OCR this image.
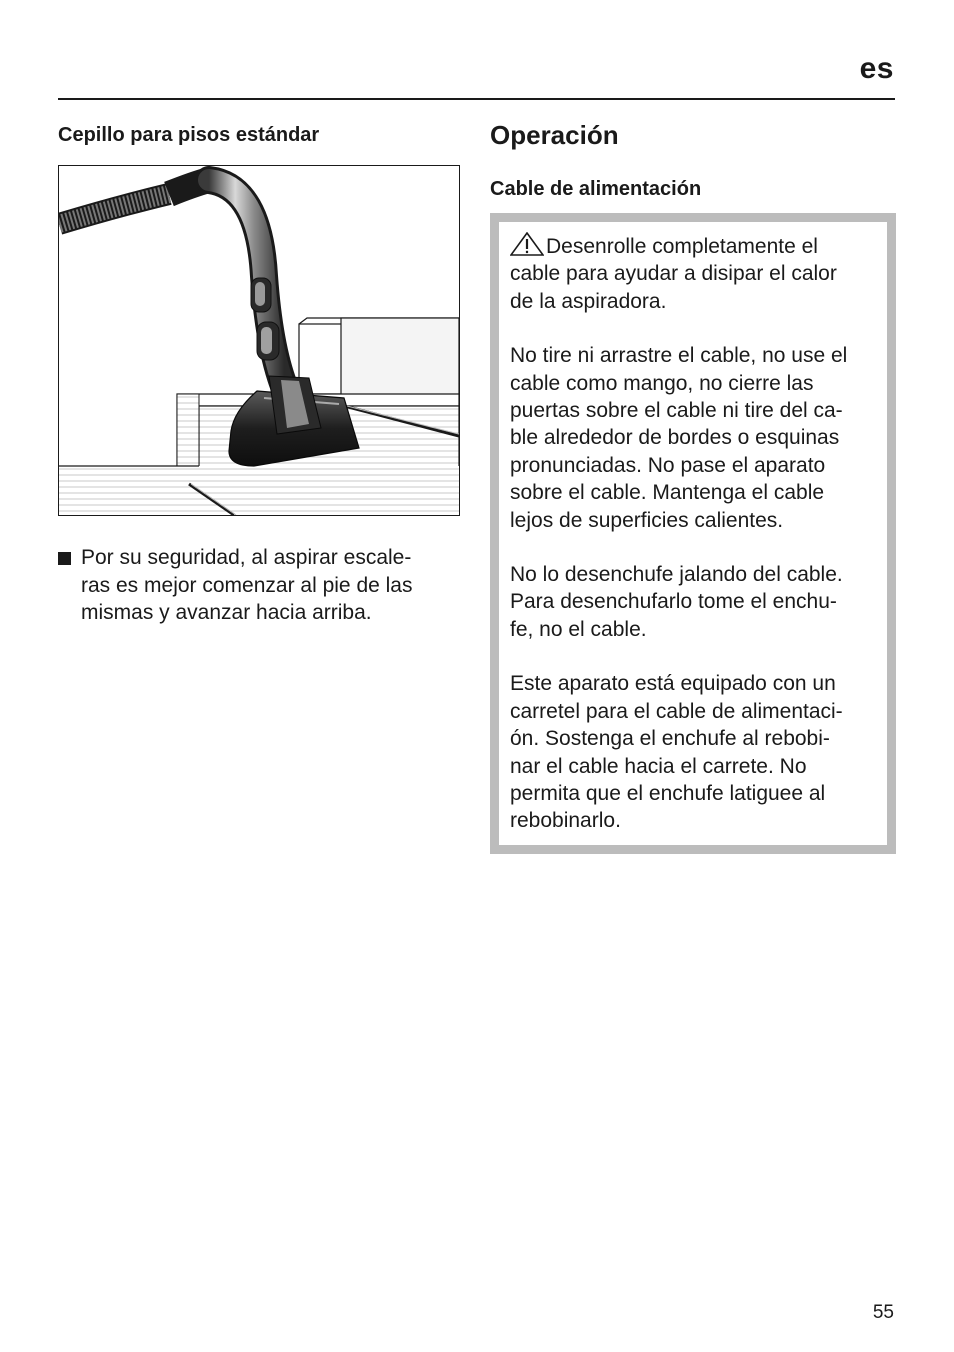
es
Cepillo para pisos estándar
Por su seguridad, al aspirar escale-
ras es mejor comenzar al pie de las
mismas y avanzar hacia arriba.
Operación
Cable de alimentación

Desenrolle completamente el
cable para ayudar a disipar el calor
de la aspiradora.

No tire ni arrastre el cable, no use el
cable como mango, no cierre las
puertas sobre el cable ni tire del ca-
ble alrededor de bordes o esquinas
pronunciadas. No pase el aparato
sobre el cable. Mantenga el cable
lejos de superficies calientes.

No lo desenchufe jalando del cable.
Para desenchufarlo tome el enchu-
fe, no el cable.

Este aparato está equipado con un
carretel para el cable de alimentaci-
ón. Sostenga el enchufe al rebobi-
nar el cable hacia el carrete. No
permita que el enchufe latiguee al
rebobinarlo.

55
